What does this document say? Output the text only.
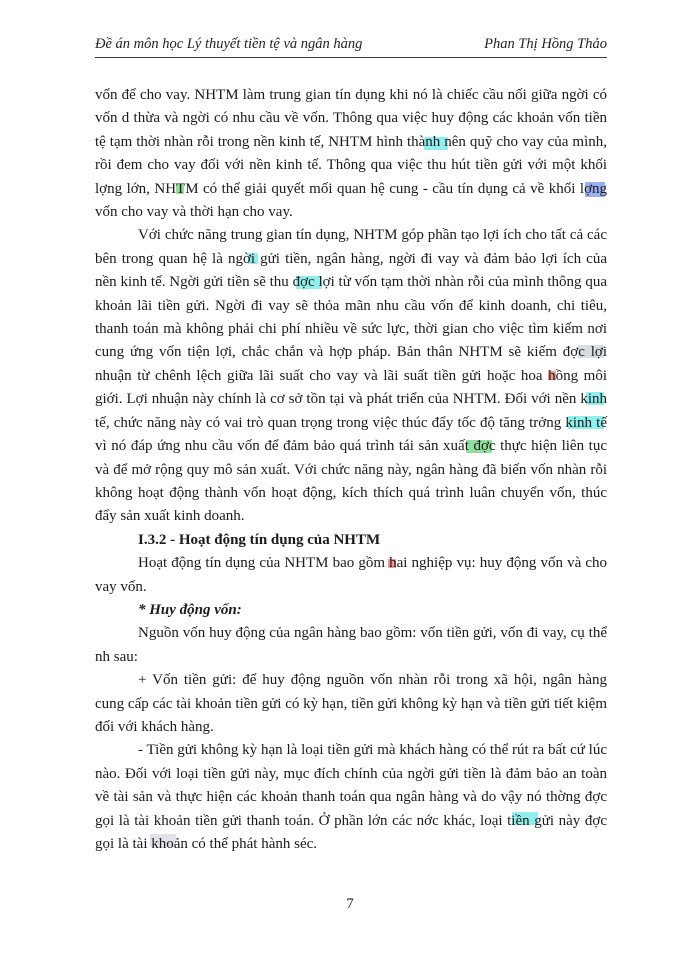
Đề án môn học Lý thuyết tiền tệ và ngân hàng	Phan Thị Hồng Thảo

vốn để cho vay. NHTM làm trung gian tín dụng khi nó là chiếc cầu nối giữa ngời có vốn d thừa và ngời có nhu cầu về vốn. Thông qua việc huy động các khoản vốn tiền tệ tạm thời nhàn rỗi trong nền kinh tế, NHTM hình thành nên quỹ cho vay của mình, rồi đem cho vay đối với nền kinh tế. Thông qua việc thu hút tiền gửi với một khối lợng lớn, NHTM có thể giải quyết mối quan hệ cung - cầu tín dụng cả về khối lợng vốn cho vay và thời hạn cho vay.

Với chức năng trung gian tín dụng, NHTM góp phần tạo lợi ích cho tất cả các bên trong quan hệ là ngời gửi tiền, ngân hàng, ngời đi vay và đảm bảo lợi ích của nền kinh tế. Ngời gửi tiền sẽ thu đợc lợi từ vốn tạm thời nhàn rỗi của mình thông qua khoản lãi tiền gửi. Ngời đi vay sẽ thỏa mãn nhu cầu vốn để kinh doanh, chi tiêu, thanh toán mà không phải chi phí nhiều về sức lực, thời gian cho việc tìm kiếm nơi cung ứng vốn tiện lợi, chắc chắn và hợp pháp. Bản thân NHTM sẽ kiếm đợc lợi nhuận từ chênh lệch giữa lãi suất cho vay và lãi suất tiền gửi hoặc hoa hồng môi giới. Lợi nhuận này chính là cơ sở tồn tại và phát triển của NHTM. Đối với nền kinh tế, chức năng này có vai trò quan trọng trong việc thúc đẩy tốc độ tăng trởng kinh tế vì nó đáp ứng nhu cầu vốn để đảm bảo quá trình tái sản xuất đợc thực hiện liên tục và để mở rộng quy mô sản xuất. Với chức năng này, ngân hàng đã biến vốn nhàn rỗi không hoạt động thành vốn hoạt động, kích thích quá trình luân chuyển vốn, thúc đẩy sản xuất kinh doanh.

I.3.2 - Hoạt động tín dụng của NHTM

Hoạt động tín dụng của NHTM bao gồm hai nghiệp vụ: huy động vốn và cho vay vốn.

* Huy động vốn:

Nguồn vốn huy động của ngân hàng bao gồm: vốn tiền gửi, vốn đi vay, cụ thể nh sau:

+ Vốn tiền gửi: để huy động nguồn vốn nhàn rỗi trong xã hội, ngân hàng cung cấp các tài khoản tiền gửi có kỳ hạn, tiền gửi không kỳ hạn và tiền gửi tiết kiệm đối với khách hàng.

- Tiền gửi không kỳ hạn là loại tiền gửi mà khách hàng có thể rút ra bất cứ lúc nào. Đối với loại tiền gửi này, mục đích chính của ngời gửi tiền là đảm bảo an toàn về tài sản và thực hiện các khoản thanh toán qua ngân hàng và do vậy nó thờng đợc gọi là tài khoản tiền gửi thanh toán. Ở phần lớn các nớc khác, loại tiền gửi này đợc gọi là tài khoản có thể phát hành séc.

7
